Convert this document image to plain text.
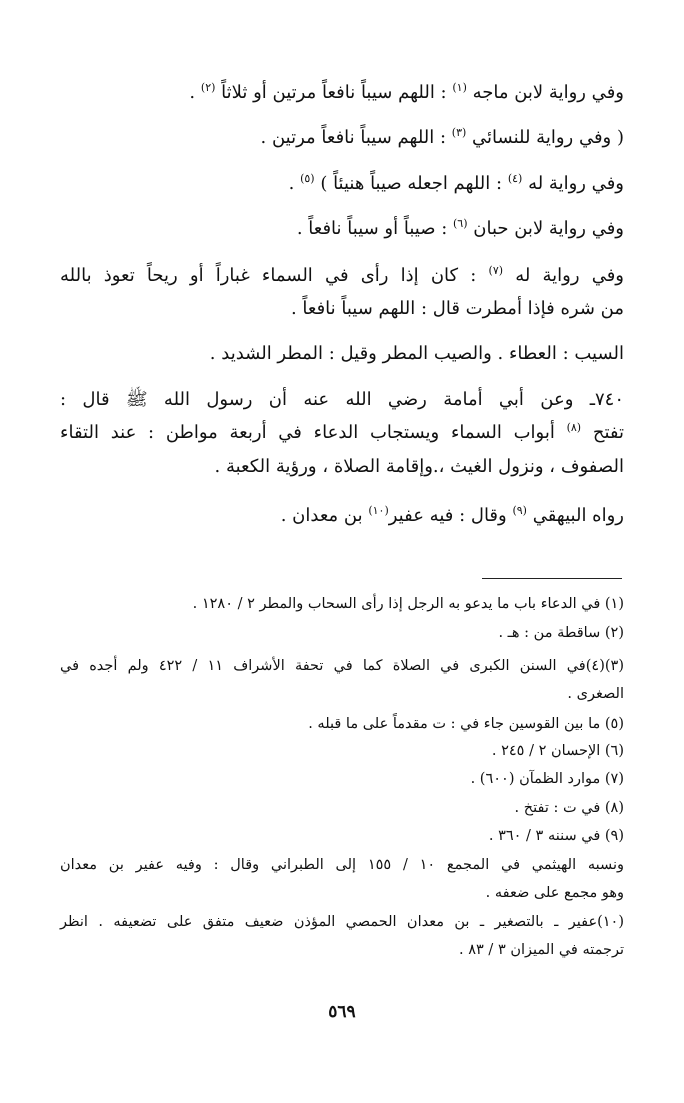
وفي رواية لابن ماجه $^{(١)}$ : اللهم سيباً نافعاً مرتين أو ثلاثاً $^{(٢)}$ .
( وفي رواية للنسائي $^{(٣)}$ : اللهم سيباً نافعاً مرتين .
وفي رواية له $^{(٤)}$ : اللهم اجعله صيباً هنيئاً ) $^{(٥)}$ .
وفي رواية لابن حبان $^{(٦)}$ : صيباً أو سيباً نافعاً .
وفي رواية له $^{(٧)}$ : كان إذا رأى في السماء غباراً أو ريحاً تعوذ بالله
من شره فإذا أمطرت قال : اللهم سيباً نافعاً .
السيب : العطاء . والصيب المطر وقيل : المطر الشديد .
٧٤٠ـ وعن أبي أمامة رضي الله عنه أن رسول الله ﷺ قال :
تفتح $^{(٨)}$ أبواب السماء ويستجاب الدعاء في أربعة مواطن : عند التقاء
الصفوف ، ونزول الغيث ،.وإقامة الصلاة ، ورؤية الكعبة .
رواه البيهقي $^{(٩)}$ وقال : فيه عفير$^{(١٠)}$ بن معدان .
(١) في الدعاء باب ما يدعو به الرجل إذا رأى السحاب والمطر ٢ / ١٢٨٠ .
(٢) ساقطة من : هـ .
(٣)(٤)في السنن الكبرى في الصلاة كما في تحفة الأشراف ١١ / ٤٢٢ ولم أجده في
الصغرى .
(٥) ما بين القوسين جاء في : ت مقدماً على ما قبله .
(٦) الإحسان ٢ / ٢٤٥ .
(٧) موارد الظمآن (٦٠٠) .
(٨) في ت : تفتخ .
(٩) في سننه ٣ / ٣٦٠ .
ونسبه الهيثمي في المجمع ١٠ / ١٥٥ إلى الطبراني وقال : وفيه عفير بن معدان
وهو مجمع على ضعفه .
(١٠)عفير ـ بالتصغير ـ بن معدان الحمصي المؤذن ضعيف متفق على تضعيفه . انظر
ترجمته في الميزان ٣ / ٨٣ .
٥٦٩
